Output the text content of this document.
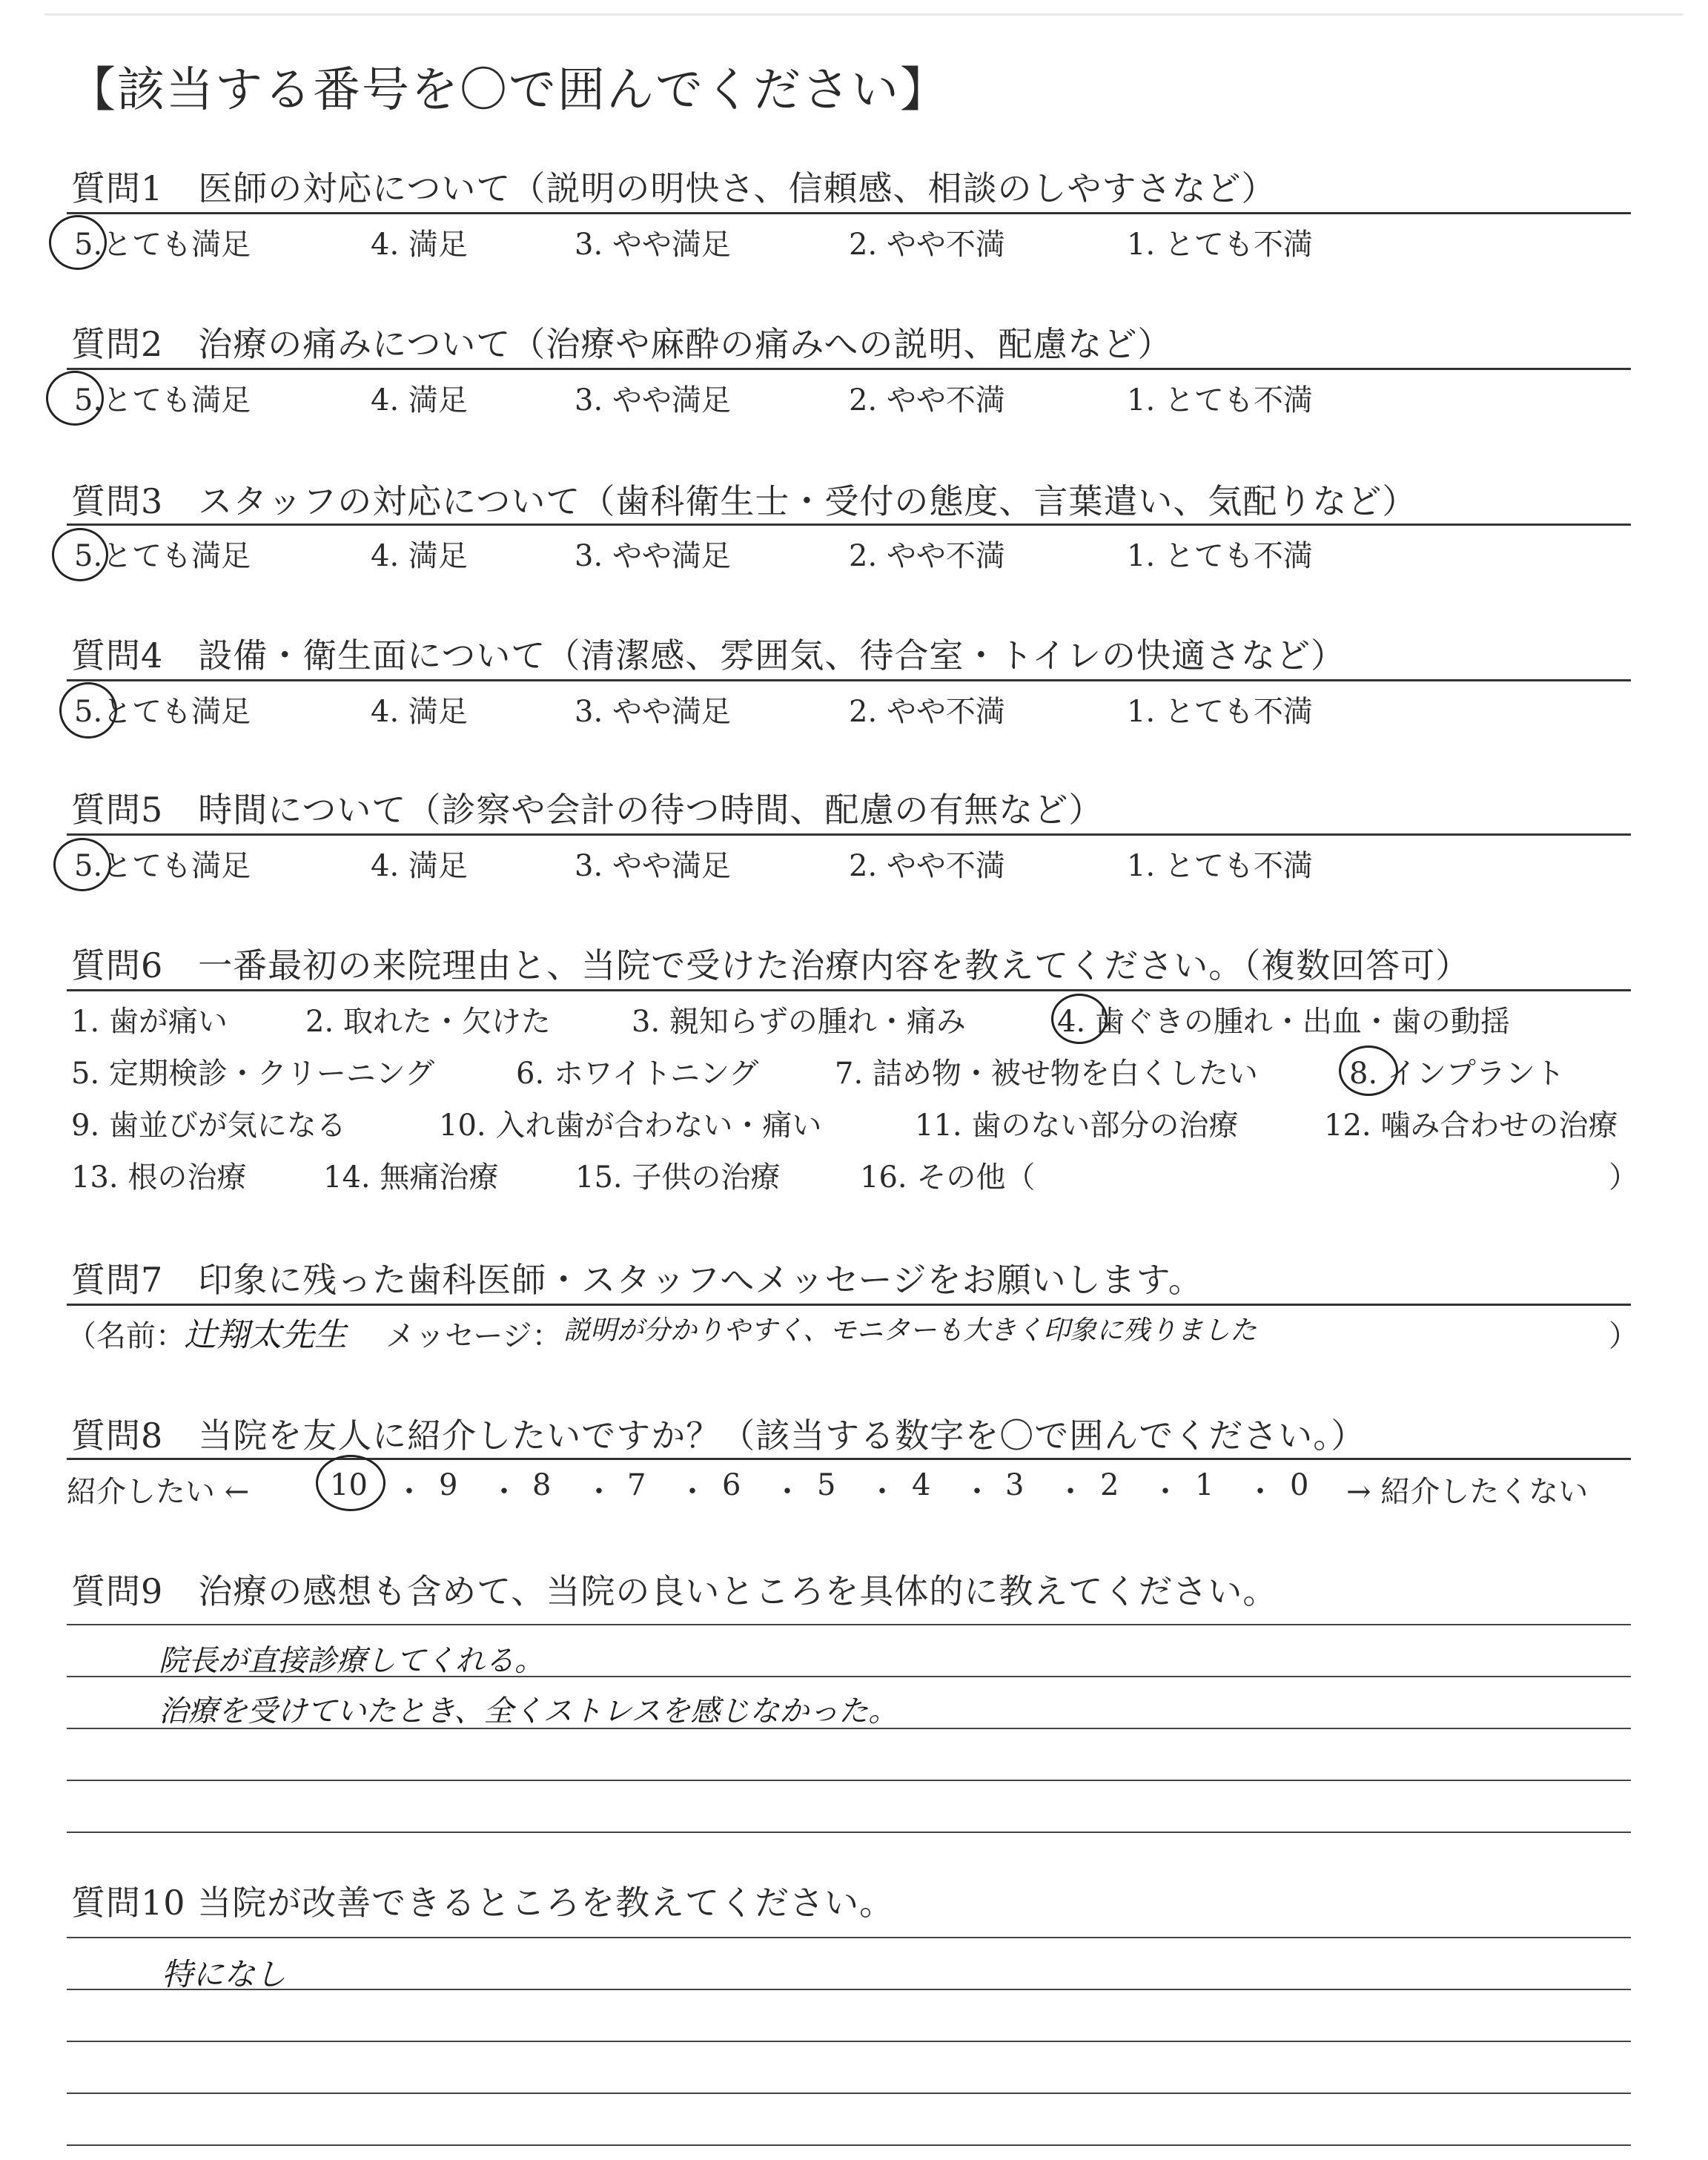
【該当する番号を〇で囲んでください】
質問1　医師の対応について（説明の明快さ、信頼感、相談のしやすさなど）
5.とても満足	4. 満足	3. やや満足	2. やや不満	1. とても不満
質問2　治療の痛みについて（治療や麻酔の痛みへの説明、配慮など）
5.とても満足	4. 満足	3. やや満足	2. やや不満	1. とても不満
質問3　スタッフの対応について（歯科衛生士・受付の態度、言葉遣い、気配りなど）
5.とても満足	4. 満足	3. やや満足	2. やや不満	1. とても不満
質問4　設備・衛生面について（清潔感、雰囲気、待合室・トイレの快適さなど）
5.とても満足	4. 満足	3. やや満足	2. やや不満	1. とても不満
質問5　時間について（診察や会計の待つ時間、配慮の有無など）
5.とても満足	4. 満足	3. やや満足	2. やや不満	1. とても不満
質問6　一番最初の来院理由と、当院で受けた治療内容を教えてください。（複数回答可）
1. 歯が痛い	2. 取れた・欠けた	3. 親知らずの腫れ・痛み	4. 歯ぐきの腫れ・出血・歯の動揺
5. 定期検診・クリーニング	6. ホワイトニング	7. 詰め物・被せ物を白くしたい	8. インプラント
9. 歯並びが気になる	10. 入れ歯が合わない・痛い	11. 歯のない部分の治療	12. 噛み合わせの治療
13. 根の治療	14. 無痛治療	15. 子供の治療	16. その他（	）
質問7　印象に残った歯科医師・スタッフへメッセージをお願いします。
（名前：
辻翔太先生 メッセージ： 説明が分かりやすく、モニターも大きく印象に残りました	）
質問8　当院を友人に紹介したいですか？（該当する数字を〇で囲んでください。）
紹介したい ←	10 ・ 9 ・ 8 ・ 7 ・ 6 ・ 5 ・ 4 ・ 3 ・ 2 ・ 1 ・ 0 → 紹介したくない
質問9　治療の感想も含めて、当院の良いところを具体的に教えてください。
院長が直接診療してくれる。
治療を受けていたとき、全くストレスを感じなかった。
質問10 当院が改善できるところを教えてください。
特になし
